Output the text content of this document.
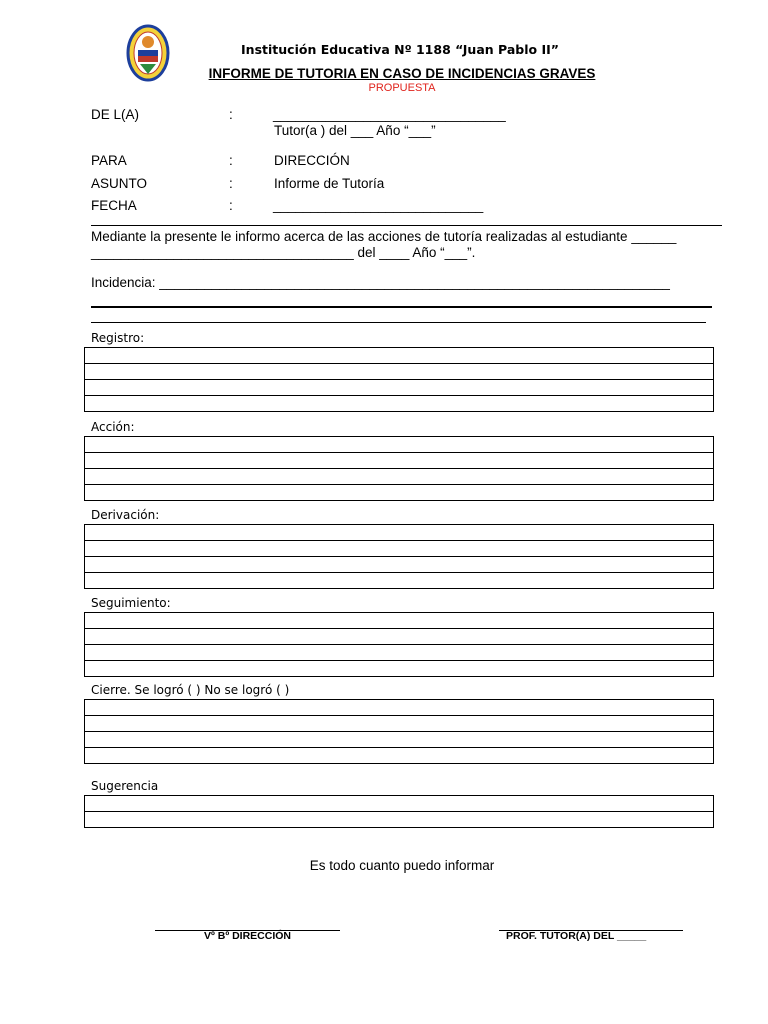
Institución Educativa Nº 1188 “Juan Pablo II”
INFORME DE TUTORIA EN CASO DE INCIDENCIAS GRAVES
PROPUESTA
DE L(A)	:	_______________________________
Tutor(a ) del ___ Año “___”
PARA	:	DIRECCIÓN
ASUNTO	:	Informe de Tutoría
FECHA	:	____________________________
Mediante la presente le informo acerca de las acciones de tutoría realizadas al estudiante ______
___________________________________ del ____ Año “___”.
Incidencia: ____________________________________________________________________
Registro:
Acción:
Derivación:
Seguimiento:
Cierre. Se logró ( ) No se logró ( )
Sugerencia
Es todo cuanto puedo informar
Vº Bº DIRECCIÓN	PROF. TUTOR(A) DEL _____
